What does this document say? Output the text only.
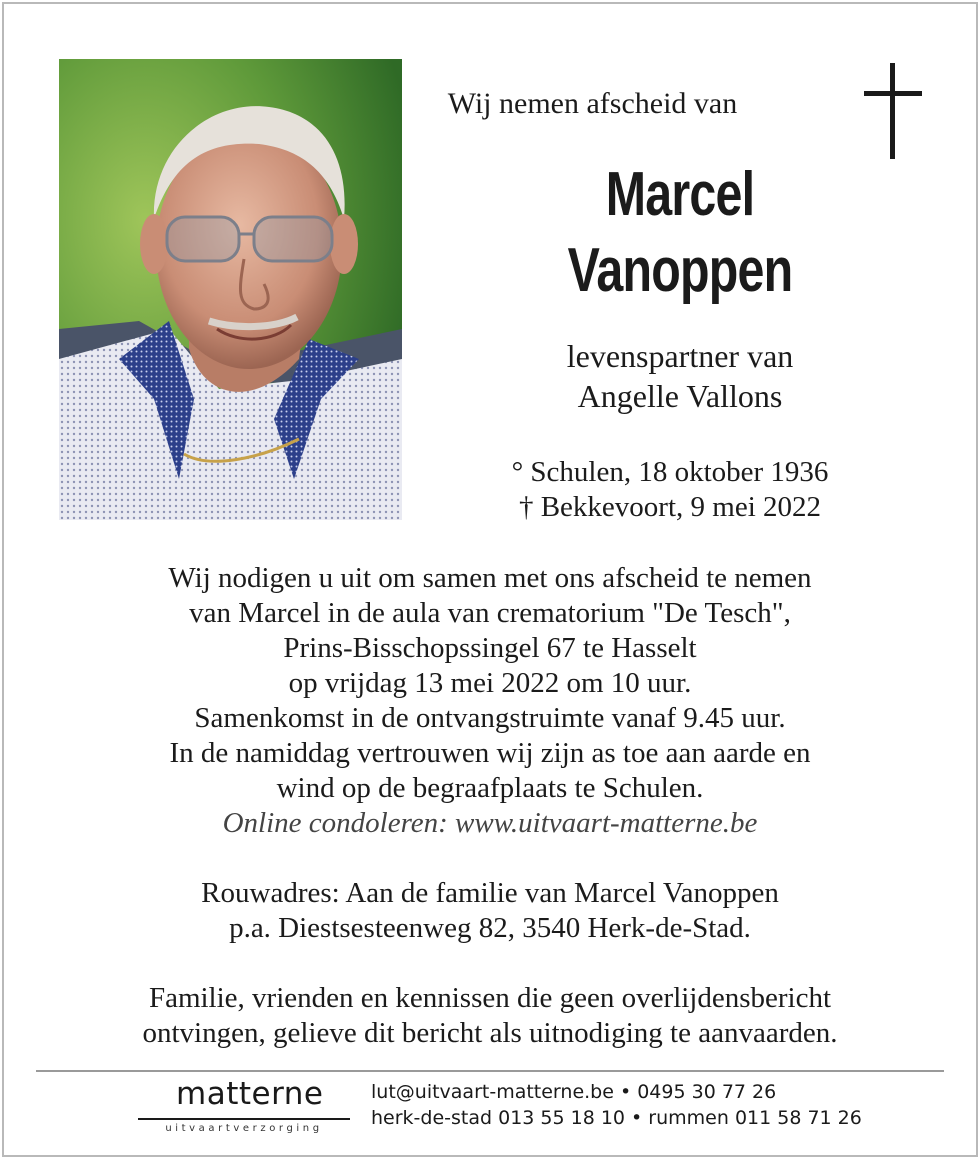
Wij nemen afscheid van
Marcel
Vanoppen
levenspartner van
Angelle Vallons
° Schulen, 18 oktober 1936
† Bekkevoort, 9 mei 2022

Wij nodigen u uit om samen met ons afscheid te nemen

van Marcel in de aula van crematorium "De Tesch",

Prins-Bisschopssingel 67 te Hasselt

op vrijdag 13 mei 2022 om 10 uur.

Samenkomst in de ontvangstruimte vanaf 9.45 uur.

In de namiddag vertrouwen wij zijn as toe aan aarde en

wind op de begraafplaats te Schulen.

Online condoleren: www.uitvaart-matterne.be

Rouwadres: Aan de familie van Marcel Vanoppen

p.a. Diestsesteenweg 82, 3540 Herk-de-Stad.

Familie, vrienden en kennissen die geen overlijdensbericht

ontvingen, gelieve dit bericht als uitnodiging te aanvaarden.

matterne
uitvaartverzorging
lut@uitvaart-matterne.be • 0495 30 77 26
herk-de-stad 013 55 18 10 • rummen 011 58 71 26
